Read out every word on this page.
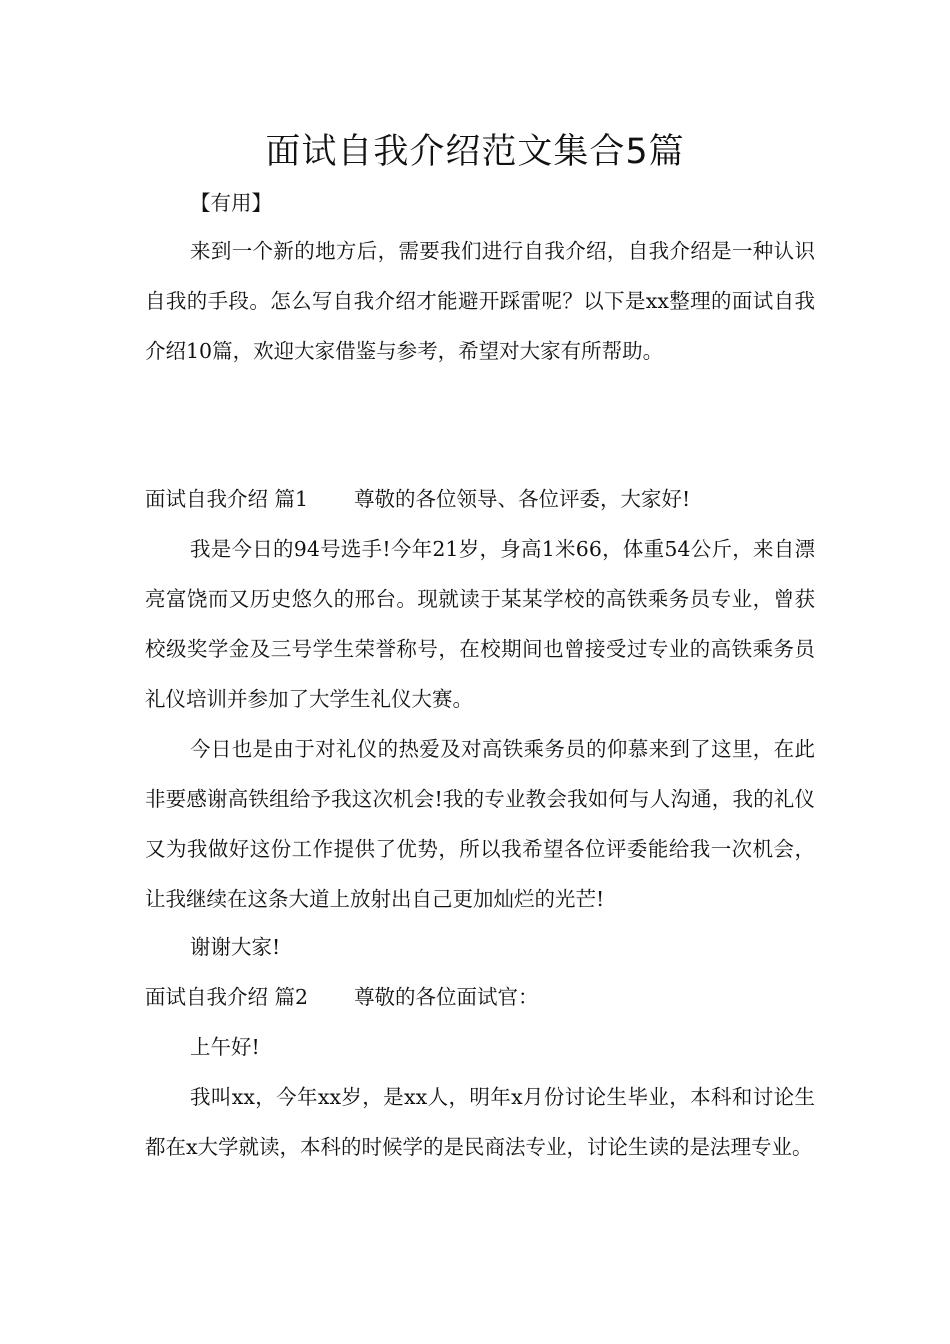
面试自我介绍范文集合5篇
【有用】

来到一个新的地方后，需要我们进行自我介绍，自我介绍是一种认识自我的手段。怎么写自我介绍才能避开踩雷呢？以下是xx整理的面试自我介绍10篇，欢迎大家借鉴与参考，希望对大家有所帮助。

面试自我介绍 篇1 尊敬的各位领导、各位评委，大家好!

我是今日的94号选手!今年21岁，身高1米66，体重54公斤，来自漂亮富饶而又历史悠久的邢台。现就读于某某学校的高铁乘务员专业，曾获校级奖学金及三号学生荣誉称号，在校期间也曾接受过专业的高铁乘务员礼仪培训并参加了大学生礼仪大赛。

今日也是由于对礼仪的热爱及对高铁乘务员的仰慕来到了这里，在此非要感谢高铁组给予我这次机会!我的专业教会我如何与人沟通，我的礼仪又为我做好这份工作提供了优势，所以我希望各位评委能给我一次机会，让我继续在这条大道上放射出自己更加灿烂的光芒!

谢谢大家!
面试自我介绍 篇2 尊敬的各位面试官：
上午好!

我叫xx，今年xx岁，是xx人，明年x月份讨论生毕业，本科和讨论生都在x大学就读，本科的时候学的是民商法专业，讨论生读的是法理专业。
